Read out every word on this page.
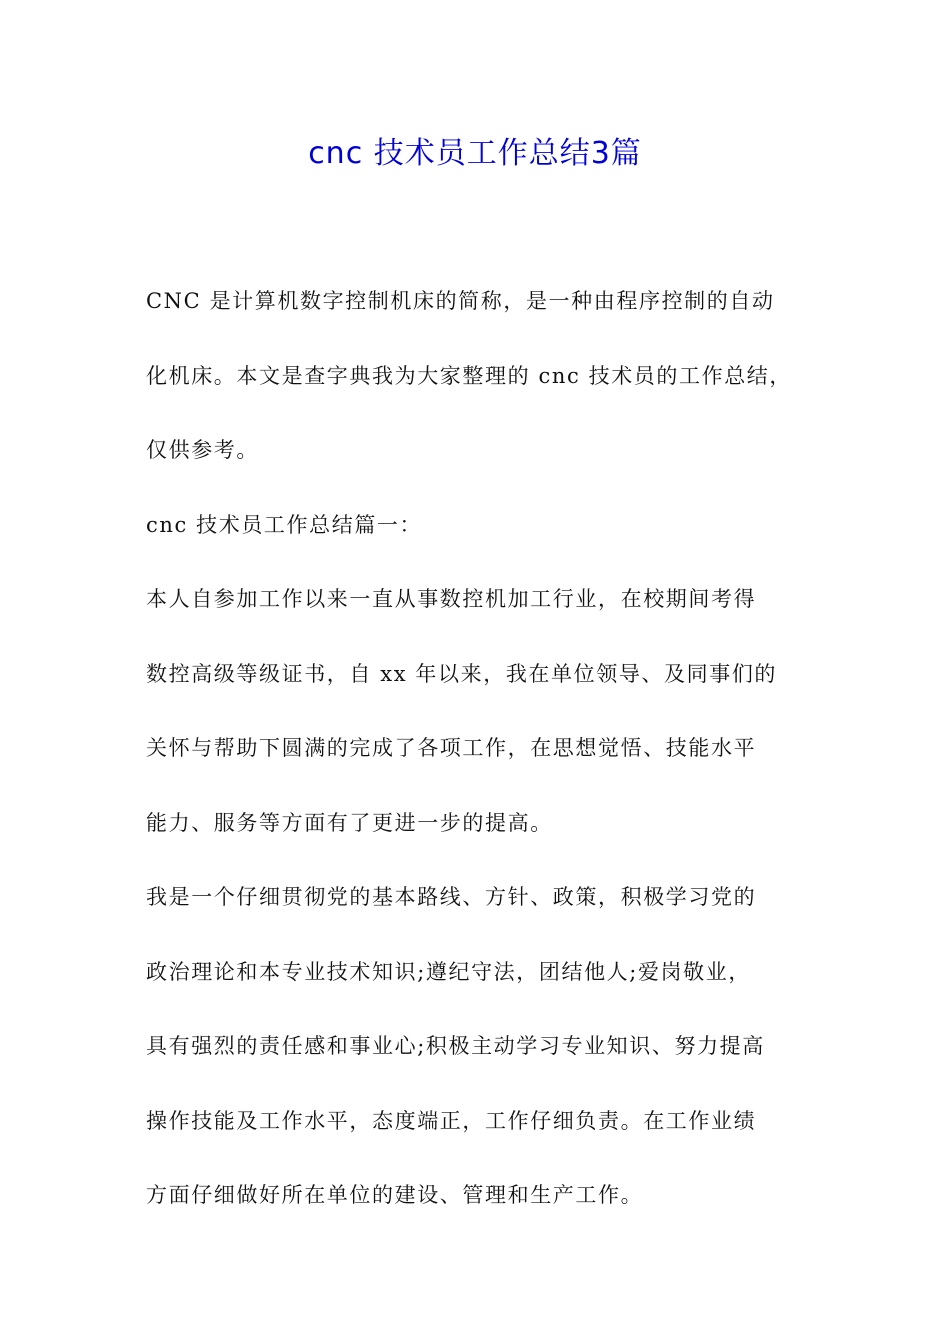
cnc 技术员工作总结3篇
CNC 是计算机数字控制机床的简称，是一种由程序控制的自动
化机床。本文是查字典我为大家整理的 cnc 技术员的工作总结，
仅供参考。
cnc 技术员工作总结篇一：
本人自参加工作以来一直从事数控机加工行业，在校期间考得
数控高级等级证书，自 xx 年以来，我在单位领导、及同事们的
关怀与帮助下圆满的完成了各项工作，在思想觉悟、技能水平
能力、服务等方面有了更进一步的提高。
我是一个仔细贯彻党的基本路线、方针、政策，积极学习党的
政治理论和本专业技术知识;遵纪守法，团结他人;爱岗敬业，
具有强烈的责任感和事业心;积极主动学习专业知识、努力提高
操作技能及工作水平，态度端正，工作仔细负责。在工作业绩
方面仔细做好所在单位的建设、管理和生产工作。
